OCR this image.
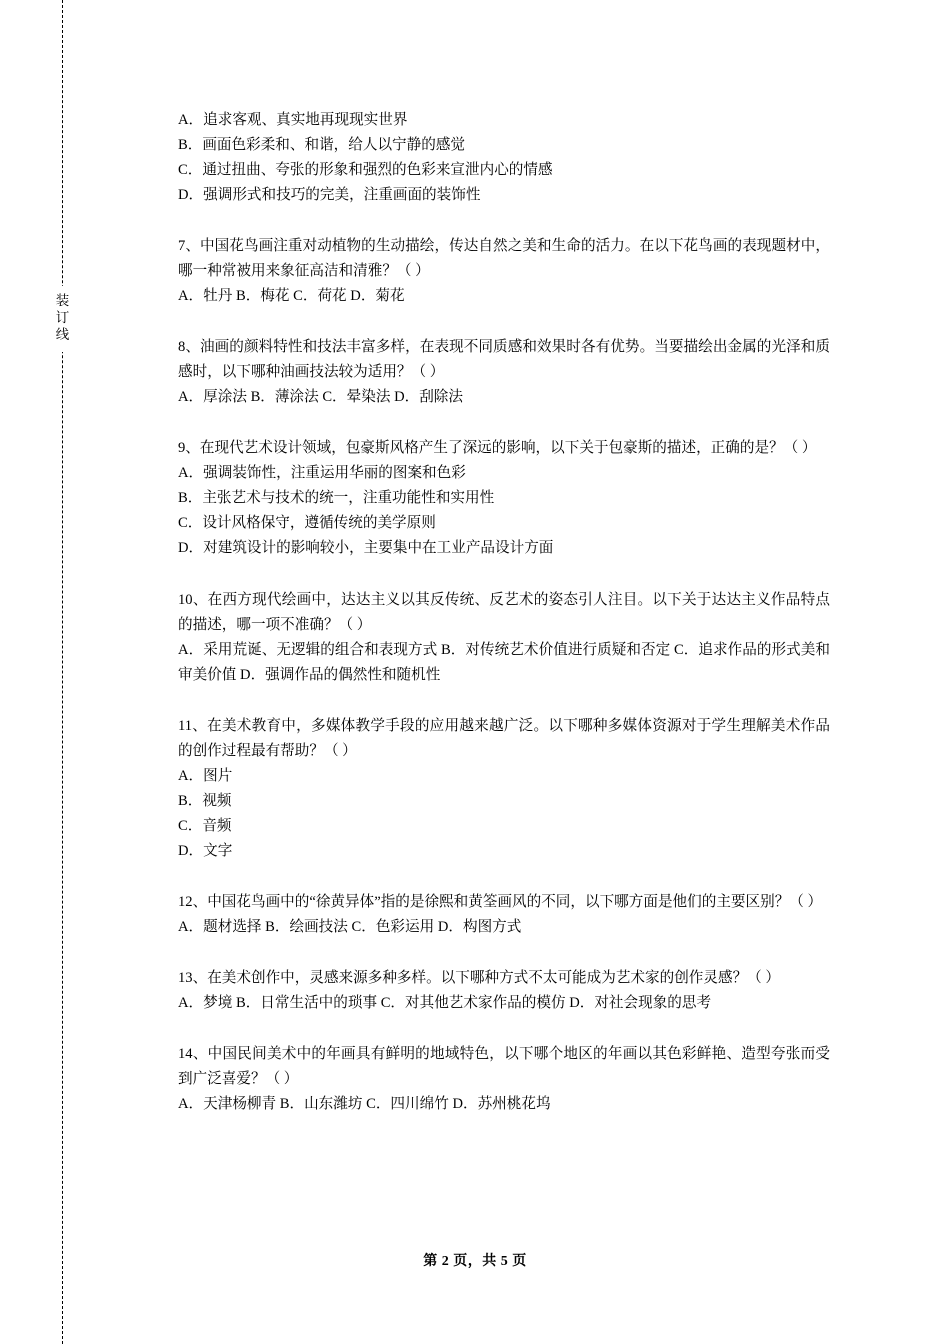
装
订
线
A．追求客观、真实地再现现实世界
B．画面色彩柔和、和谐，给人以宁静的感觉
C．通过扭曲、夸张的形象和强烈的色彩来宣泄内心的情感
D．强调形式和技巧的完美，注重画面的装饰性
7、中国花鸟画注重对动植物的生动描绘，传达自然之美和生命的活力。在以下花鸟画的表现题材中，哪一种常被用来象征高洁和清雅？（ ）
A．牡丹 B．梅花 C．荷花 D．菊花
8、油画的颜料特性和技法丰富多样，在表现不同质感和效果时各有优势。当要描绘出金属的光泽和质感时，以下哪种油画技法较为适用？（ ）
A．厚涂法 B．薄涂法 C．晕染法 D．刮除法
9、在现代艺术设计领域，包豪斯风格产生了深远的影响，以下关于包豪斯的描述，正确的是？（ ）
A．强调装饰性，注重运用华丽的图案和色彩
B．主张艺术与技术的统一，注重功能性和实用性
C．设计风格保守，遵循传统的美学原则
D．对建筑设计的影响较小，主要集中在工业产品设计方面
10、在西方现代绘画中，达达主义以其反传统、反艺术的姿态引人注目。以下关于达达主义作品特点的描述，哪一项不准确？（ ）
A．采用荒诞、无逻辑的组合和表现方式 B．对传统艺术价值进行质疑和否定 C．追求作品的形式美和审美价值 D．强调作品的偶然性和随机性
11、在美术教育中，多媒体教学手段的应用越来越广泛。以下哪种多媒体资源对于学生理解美术作品的创作过程最有帮助？（ ）
A．图片
B．视频
C．音频
D．文字
12、中国花鸟画中的“徐黄异体”指的是徐熙和黄筌画风的不同，以下哪方面是他们的主要区别？（ ）
A．题材选择 B．绘画技法 C．色彩运用 D．构图方式
13、在美术创作中，灵感来源多种多样。以下哪种方式不太可能成为艺术家的创作灵感？（ ）
A．梦境 B．日常生活中的琐事 C．对其他艺术家作品的模仿 D．对社会现象的思考
14、中国民间美术中的年画具有鲜明的地域特色，以下哪个地区的年画以其色彩鲜艳、造型夸张而受到广泛喜爱？（ ）
A．天津杨柳青 B．山东潍坊 C．四川绵竹 D．苏州桃花坞
第 2 页，共 5 页
